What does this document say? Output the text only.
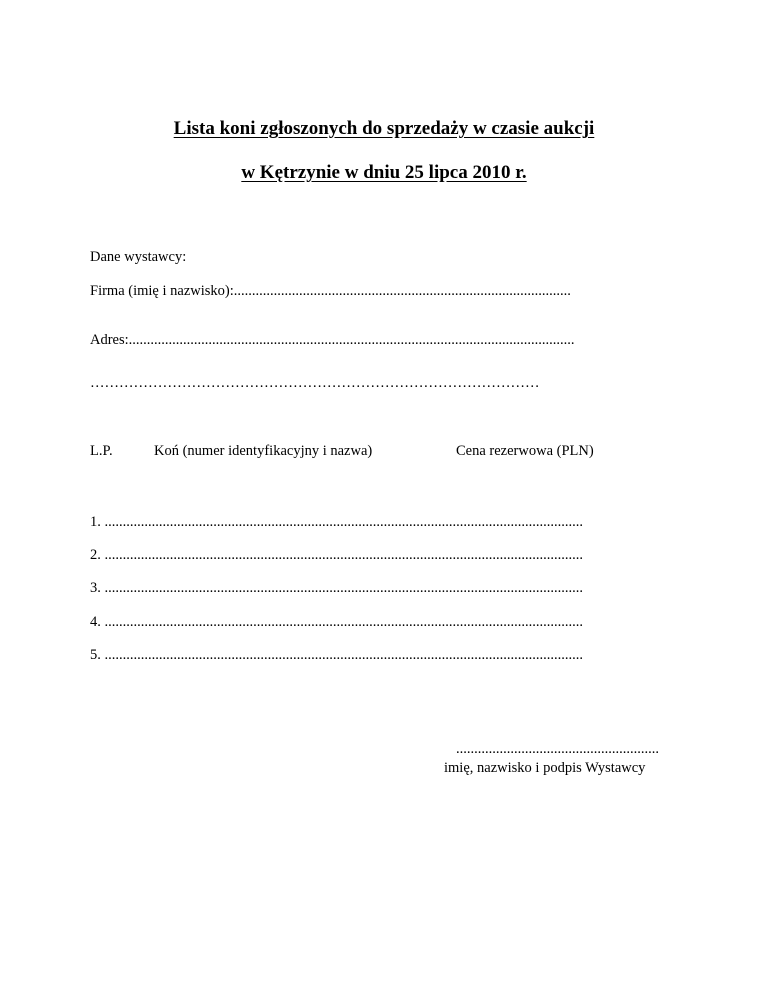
Lista koni zgłoszonych do sprzedaży w czasie aukcji
w Kętrzynie w dniu 25 lipca 2010 r.
Dane wystawcy:
Firma (imię i nazwisko):.............................................................................................
Adres:...........................................................................................................................
…………………………………………………………………………………
L.P.	Koń (numer identyfikacyjny i nazwa)	Cena rezerwowa (PLN)
1. ....................................................................................................................................
2. ....................................................................................................................................
3. ....................................................................................................................................
4. ....................................................................................................................................
5. ....................................................................................................................................
........................................................
imię, nazwisko i podpis Wystawcy
